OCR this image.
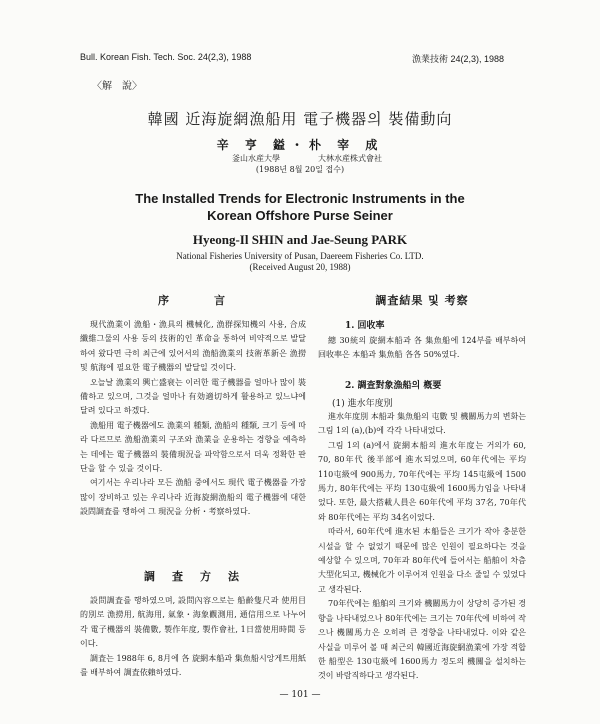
Bull. Korean Fish. Tech. Soc. 24(2,3), 1988	漁業技術 24(2,3), 1988
〈解　說〉
韓國 近海旋網漁船用 電子機器의 裝備動向
辛 亨 鎰・朴 宰 成
釜山水産大學	大林水産株式會社
(1988년 8월 20일 접수)
The Installed Trends for Electronic Instruments in the
Korean Offshore Purse Seiner
Hyeong-Il SHIN and Jae-Seung PARK
National Fisheries University of Pusan, Daereem Fisheries Co. LTD.
(Received August 20, 1988)
序　　　言
現代漁業이 漁船・漁具의 機械化, 漁群探知機의 사용, 合成纖維그물의 사용 등의 技術的인 革命을 통하여 비약적으로 발달하여 왔다면 극히 최근에 있어서의 漁船漁業의 技術革新은 漁撈 및 航海에 필요한 電子機器의 발달일 것이다.
오늘날 漁業의 興亡盛衰는 이러한 電子機器를 얼마나 많이 裝備하고 있으며, 그것을 얼마나 有効適切하게 활용하고 있느냐에 달려 있다고 하겠다.
漁船用 電子機器에도 漁業의 種類, 漁船의 種類, 크기 등에 따라 다르므로 漁船漁業의 구조와 漁業을 운용하는 경향을 예측하는 데에는 電子機器의 裝備現況을 파악함으로서 더욱 정확한 판단을 할 수 있을 것이다.
여기서는 우리나라 모든 漁船 중에서도 現代 電子機器를 가장 많이 장비하고 있는 우리나라 近海旋網漁船의 電子機器에 대한 設問調査를 행하여 그 現況을 分析・考察하였다.
調　査　方　法
設問調査를 행하였으며, 設問內容으로는 船齡隻尺과 使用目的別로 漁撈用, 航海用, 氣象・海象觀測用, 通信用으로 나누어 각 電子機器의 裝備數, 製作年度, 製作會社, 1日當使用時間 등이다.
調査는 1988年 6, 8月에 各 旋網本船과 集魚船시앙게트用紙를 배부하여 調査依賴하였다.
調査結果 및 考察
1. 回收率
總 30統의 旋網本船과 各 集魚船에 124부를 배부하여 回收率은 本船과 集魚船 各各 50%였다.
2. 調査對象漁船의 槪要
(1) 進水年度別
進水年度別 本船과 集魚船의 屯數 및 機關馬力의 변화는 그림 1의 (a),(b)에 각각 나타내었다.
그림 1의 (a)에서 旋網本船의 進水年度는 거의가 60, 70, 80年代 後半部에 進水되었으며, 60年代에는 平均 110屯級에 900馬力, 70年代에는 平均 145屯級에 1500馬力, 80年代에는 平均 130屯級에 1600馬力임을 나타내었다. 또한, 最大搭載人員은 60年代에 平均 37名, 70年代와 80年代에는 平均 34名이었다.
따라서, 60年代에 進水된 本船들은 크기가 작아 충분한 시설을 할 수 없었기 때문에 많은 인원이 필요하다는 것을 예상할 수 있으며, 70年과 80年代에 들어서는 船舶이 차츰 大型化되고, 機械化가 이루어져 인원을 다소 줄일 수 있었다고 생각된다.
70年代에는 船舶의 크기와 機關馬力이 상당히 증가된 경향을 나타내었으나 80年代에는 크기는 70年代에 비하여 작으나 機關馬力은 오히려 큰 경향을 나타내었다. 이와 같은 사실을 미루어 볼 때 최근의 韓國近海旋網漁業에 가장 적합한 船型은 130屯級에 1600馬力 정도의 機關을 설치하는 것이 바람직하다고 생각된다.
— 101 —
